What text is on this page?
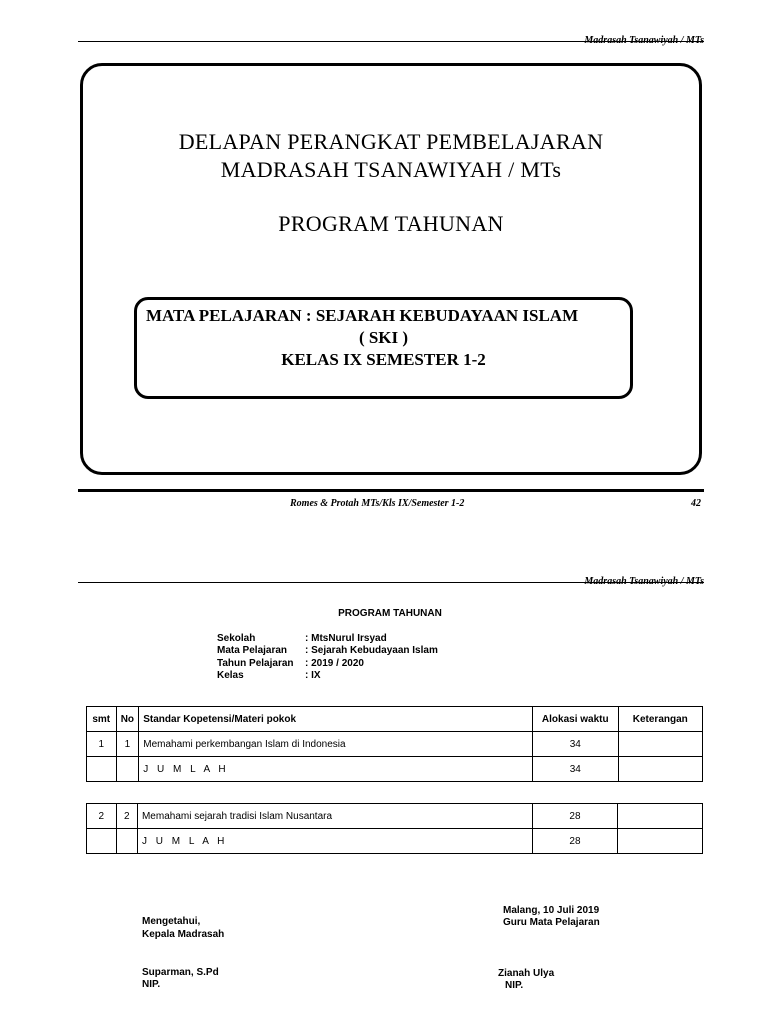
Madrasah Tsanawiyah / MTs
DELAPAN PERANGKAT PEMBELAJARAN
MADRASAH TSANAWIYAH / MTs
PROGRAM TAHUNAN
MATA PELAJARAN : SEJARAH KEBUDAYAAN ISLAM
( SKI )
KELAS IX SEMESTER 1-2
Romes & Protah MTs/Kls IX/Semester 1-2	42
Madrasah Tsanawiyah / MTs
PROGRAM TAHUNAN
Sekolah	: MtsNurul Irsyad
Mata Pelajaran : Sejarah Kebudayaan Islam
Tahun Pelajaran : 2019 / 2020
Kelas	: IX
smt	No	Standar Kopetensi/Materi pokok	Alokasi waktu	Keterangan
1	1	Memahami perkembangan Islam di Indonesia	34	
		J U M L A H	34	
2	2	Memahami sejarah tradisi Islam Nusantara	28	
		J U M L A H	28	
Malang, 10 Juli 2019
Guru Mata Pelajaran
Mengetahui,
Kepala Madrasah
Suparman, S.Pd
NIP.
Zianah Ulya
NIP.
